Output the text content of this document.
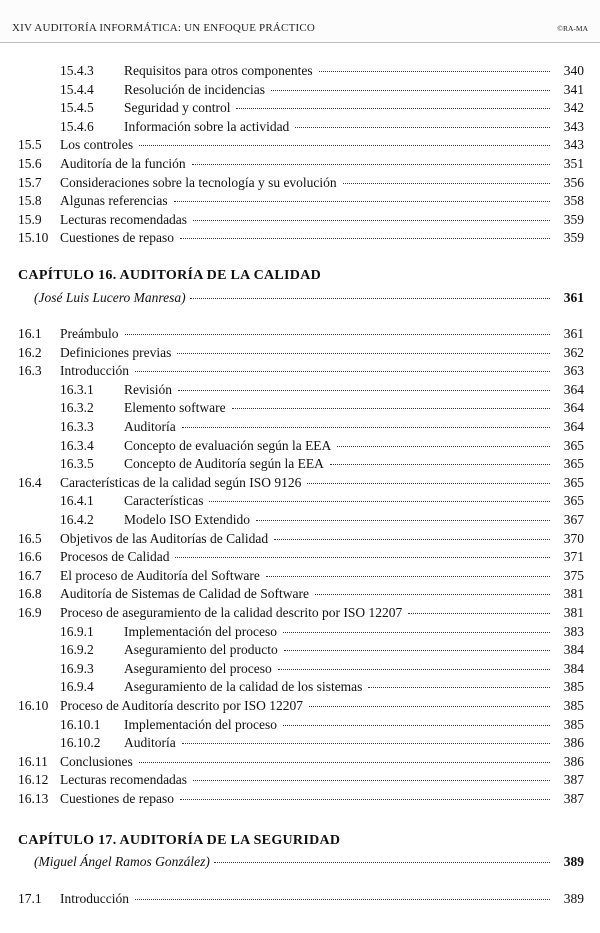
XIV AUDITORÍA INFORMÁTICA: UN ENFOQUE PRÁCTICO	©RA-MA
CAPÍTULO 16. AUDITORÍA DE LA CALIDAD
(José Luis Lucero Manresa)	361
CAPÍTULO 17. AUDITORÍA DE LA SEGURIDAD
(Miguel Ángel Ramos González)	389
15.4.3 Requisitos para otros componentes	340
15.4.4 Resolución de incidencias	341
15.4.5 Seguridad y control	342
15.4.6 Información sobre la actividad	343
15.5 Los controles	343
15.6 Auditoría de la función	351
15.7 Consideraciones sobre la tecnología y su evolución	356
15.8 Algunas referencias	358
15.9 Lecturas recomendadas	359
15.10 Cuestiones de repaso	359
16.1 Preámbulo	361
16.2 Definiciones previas	362
16.3 Introducción	363
16.3.1 Revisión	364
16.3.2 Elemento software	364
16.3.3 Auditoría	364
16.3.4 Concepto de evaluación según la EEA	365
16.3.5 Concepto de Auditoría según la EEA	365
16.4 Características de la calidad según ISO 9126	365
16.4.1 Características	365
16.4.2 Modelo ISO Extendido	367
16.5 Objetivos de las Auditorías de Calidad	370
16.6 Procesos de Calidad	371
16.7 El proceso de Auditoría del Software	375
16.8 Auditoría de Sistemas de Calidad de Software	381
16.9 Proceso de aseguramiento de la calidad descrito por ISO 12207	381
16.9.1 Implementación del proceso	383
16.9.2 Aseguramiento del producto	384
16.9.3 Aseguramiento del proceso	384
16.9.4 Aseguramiento de la calidad de los sistemas	385
16.10 Proceso de Auditoría descrito por ISO 12207	385
16.10.1 Implementación del proceso	385
16.10.2 Auditoría	386
16.11 Conclusiones	386
16.12 Lecturas recomendadas	387
16.13 Cuestiones de repaso	387
17.1 Introducción	389
